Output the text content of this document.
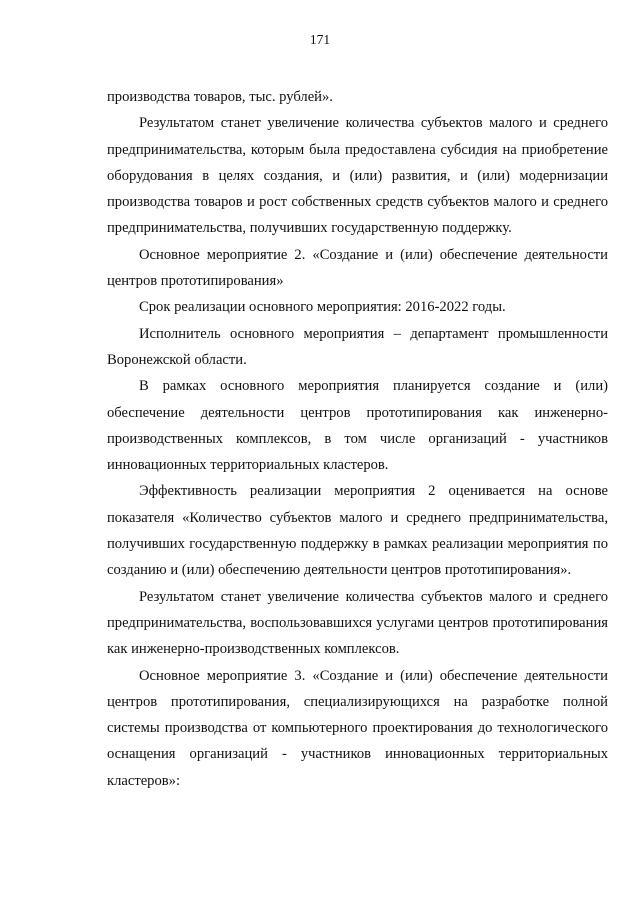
171

производства товаров, тыс. рублей».

Результатом станет увеличение количества субъектов малого и среднего предпринимательства, которым была предоставлена субсидия на приобретение оборудования в целях создания, и (или) развития, и (или) модернизации производства товаров и рост собственных средств субъектов малого и среднего предпринимательства, получивших государственную поддержку.

Основное мероприятие 2. «Создание и (или) обеспечение деятельности центров прототипирования»

Срок реализации основного мероприятия: 2016-2022 годы.

Исполнитель основного мероприятия – департамент промышленности Воронежской области.

В рамках основного мероприятия планируется создание и (или) обеспечение деятельности центров прототипирования как инженерно-производственных комплексов, в том числе организаций - участников инновационных территориальных кластеров.

Эффективность реализации мероприятия 2 оценивается на основе показателя «Количество субъектов малого и среднего предпринимательства, получивших государственную поддержку в рамках реализации мероприятия по созданию и (или) обеспечению деятельности центров прототипирования».

Результатом станет увеличение количества субъектов малого и среднего предпринимательства, воспользовавшихся услугами центров прототипирования как инженерно-производственных комплексов.

Основное мероприятие 3. «Создание и (или) обеспечение деятельности центров прототипирования, специализирующихся на разработке полной системы производства от компьютерного проектирования до технологического оснащения организаций - участников инновационных территориальных кластеров»:
